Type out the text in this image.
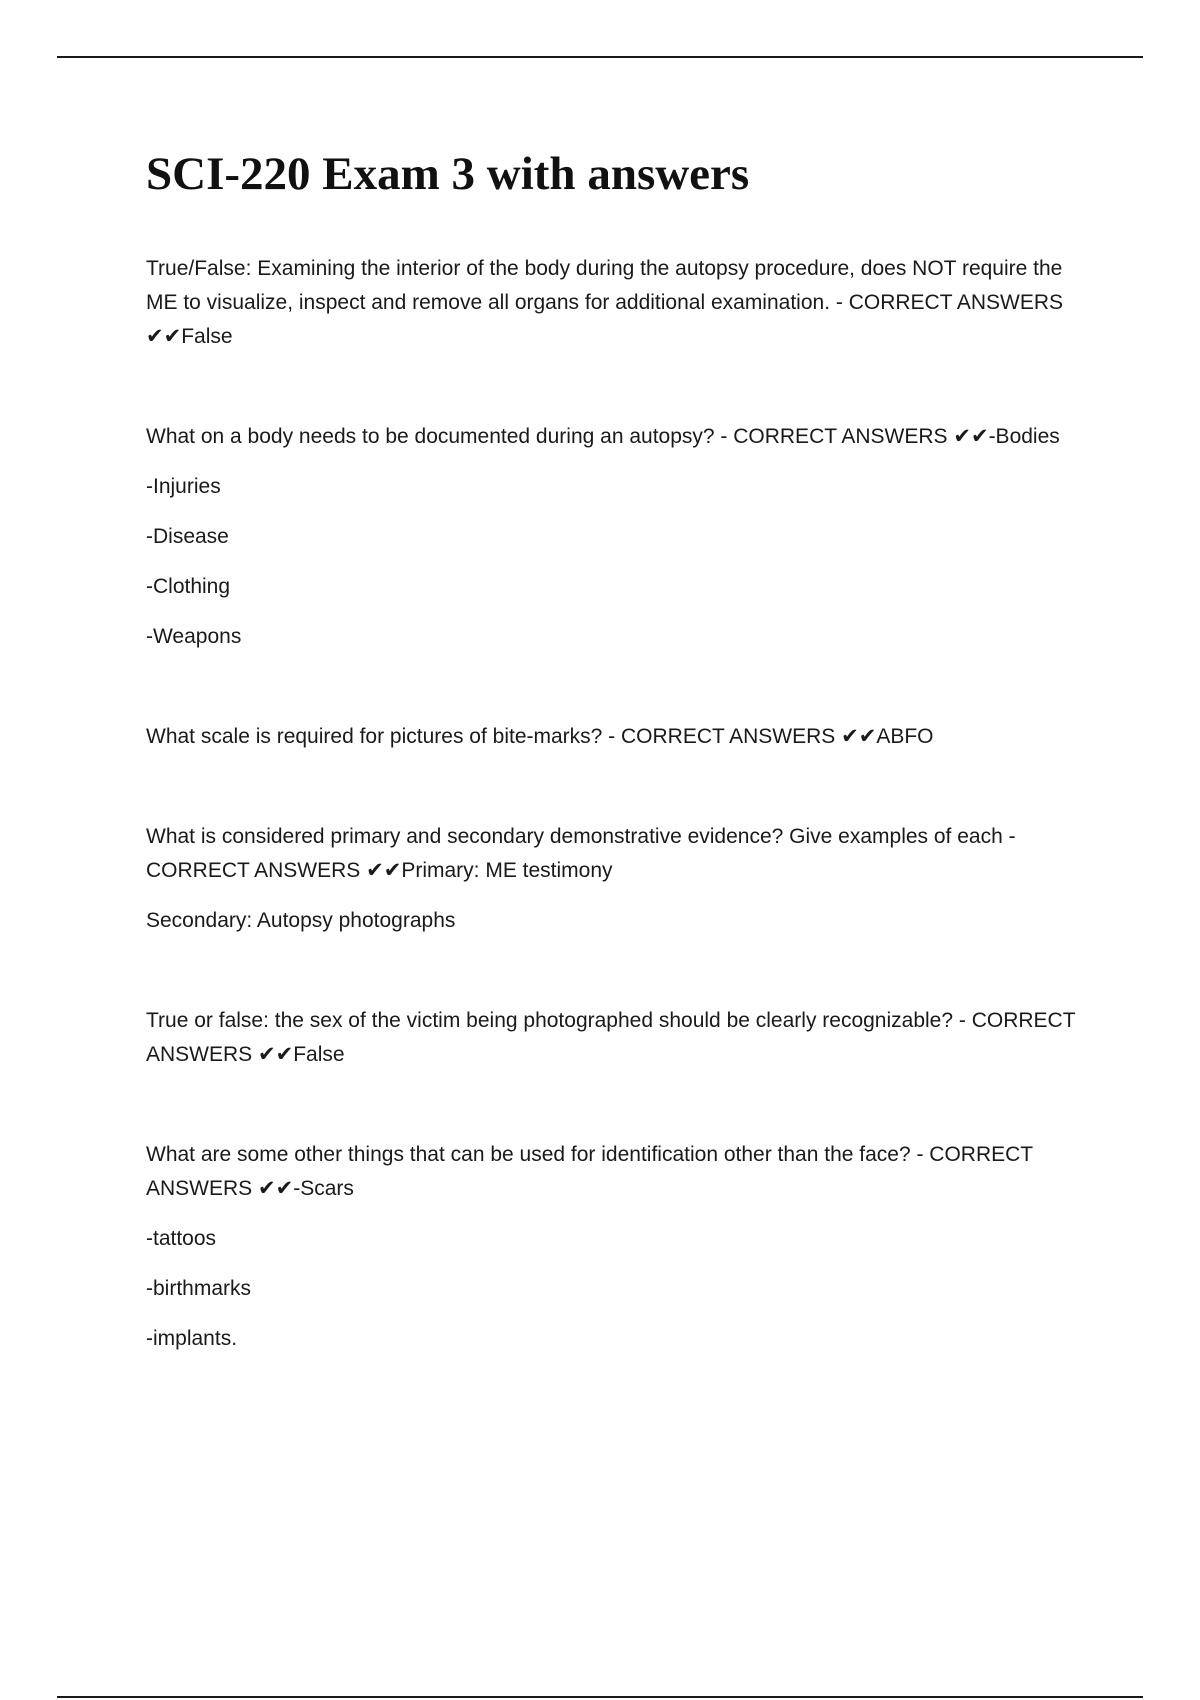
SCI-220 Exam 3 with answers

True/False: Examining the interior of the body during the autopsy procedure, does NOT require the ME to visualize, inspect and remove all organs for additional examination. - CORRECT ANSWERS ✔✔False

What on a body needs to be documented during an autopsy? - CORRECT ANSWERS ✔✔-Bodies

-Injuries

-Disease

-Clothing

-Weapons

What scale is required for pictures of bite-marks? - CORRECT ANSWERS ✔✔ABFO

What is considered primary and secondary demonstrative evidence? Give examples of each - CORRECT ANSWERS ✔✔Primary: ME testimony

Secondary: Autopsy photographs

True or false: the sex of the victim being photographed should be clearly recognizable? - CORRECT ANSWERS ✔✔False

What are some other things that can be used for identification other than the face? - CORRECT ANSWERS ✔✔-Scars

-tattoos

-birthmarks

-implants.
